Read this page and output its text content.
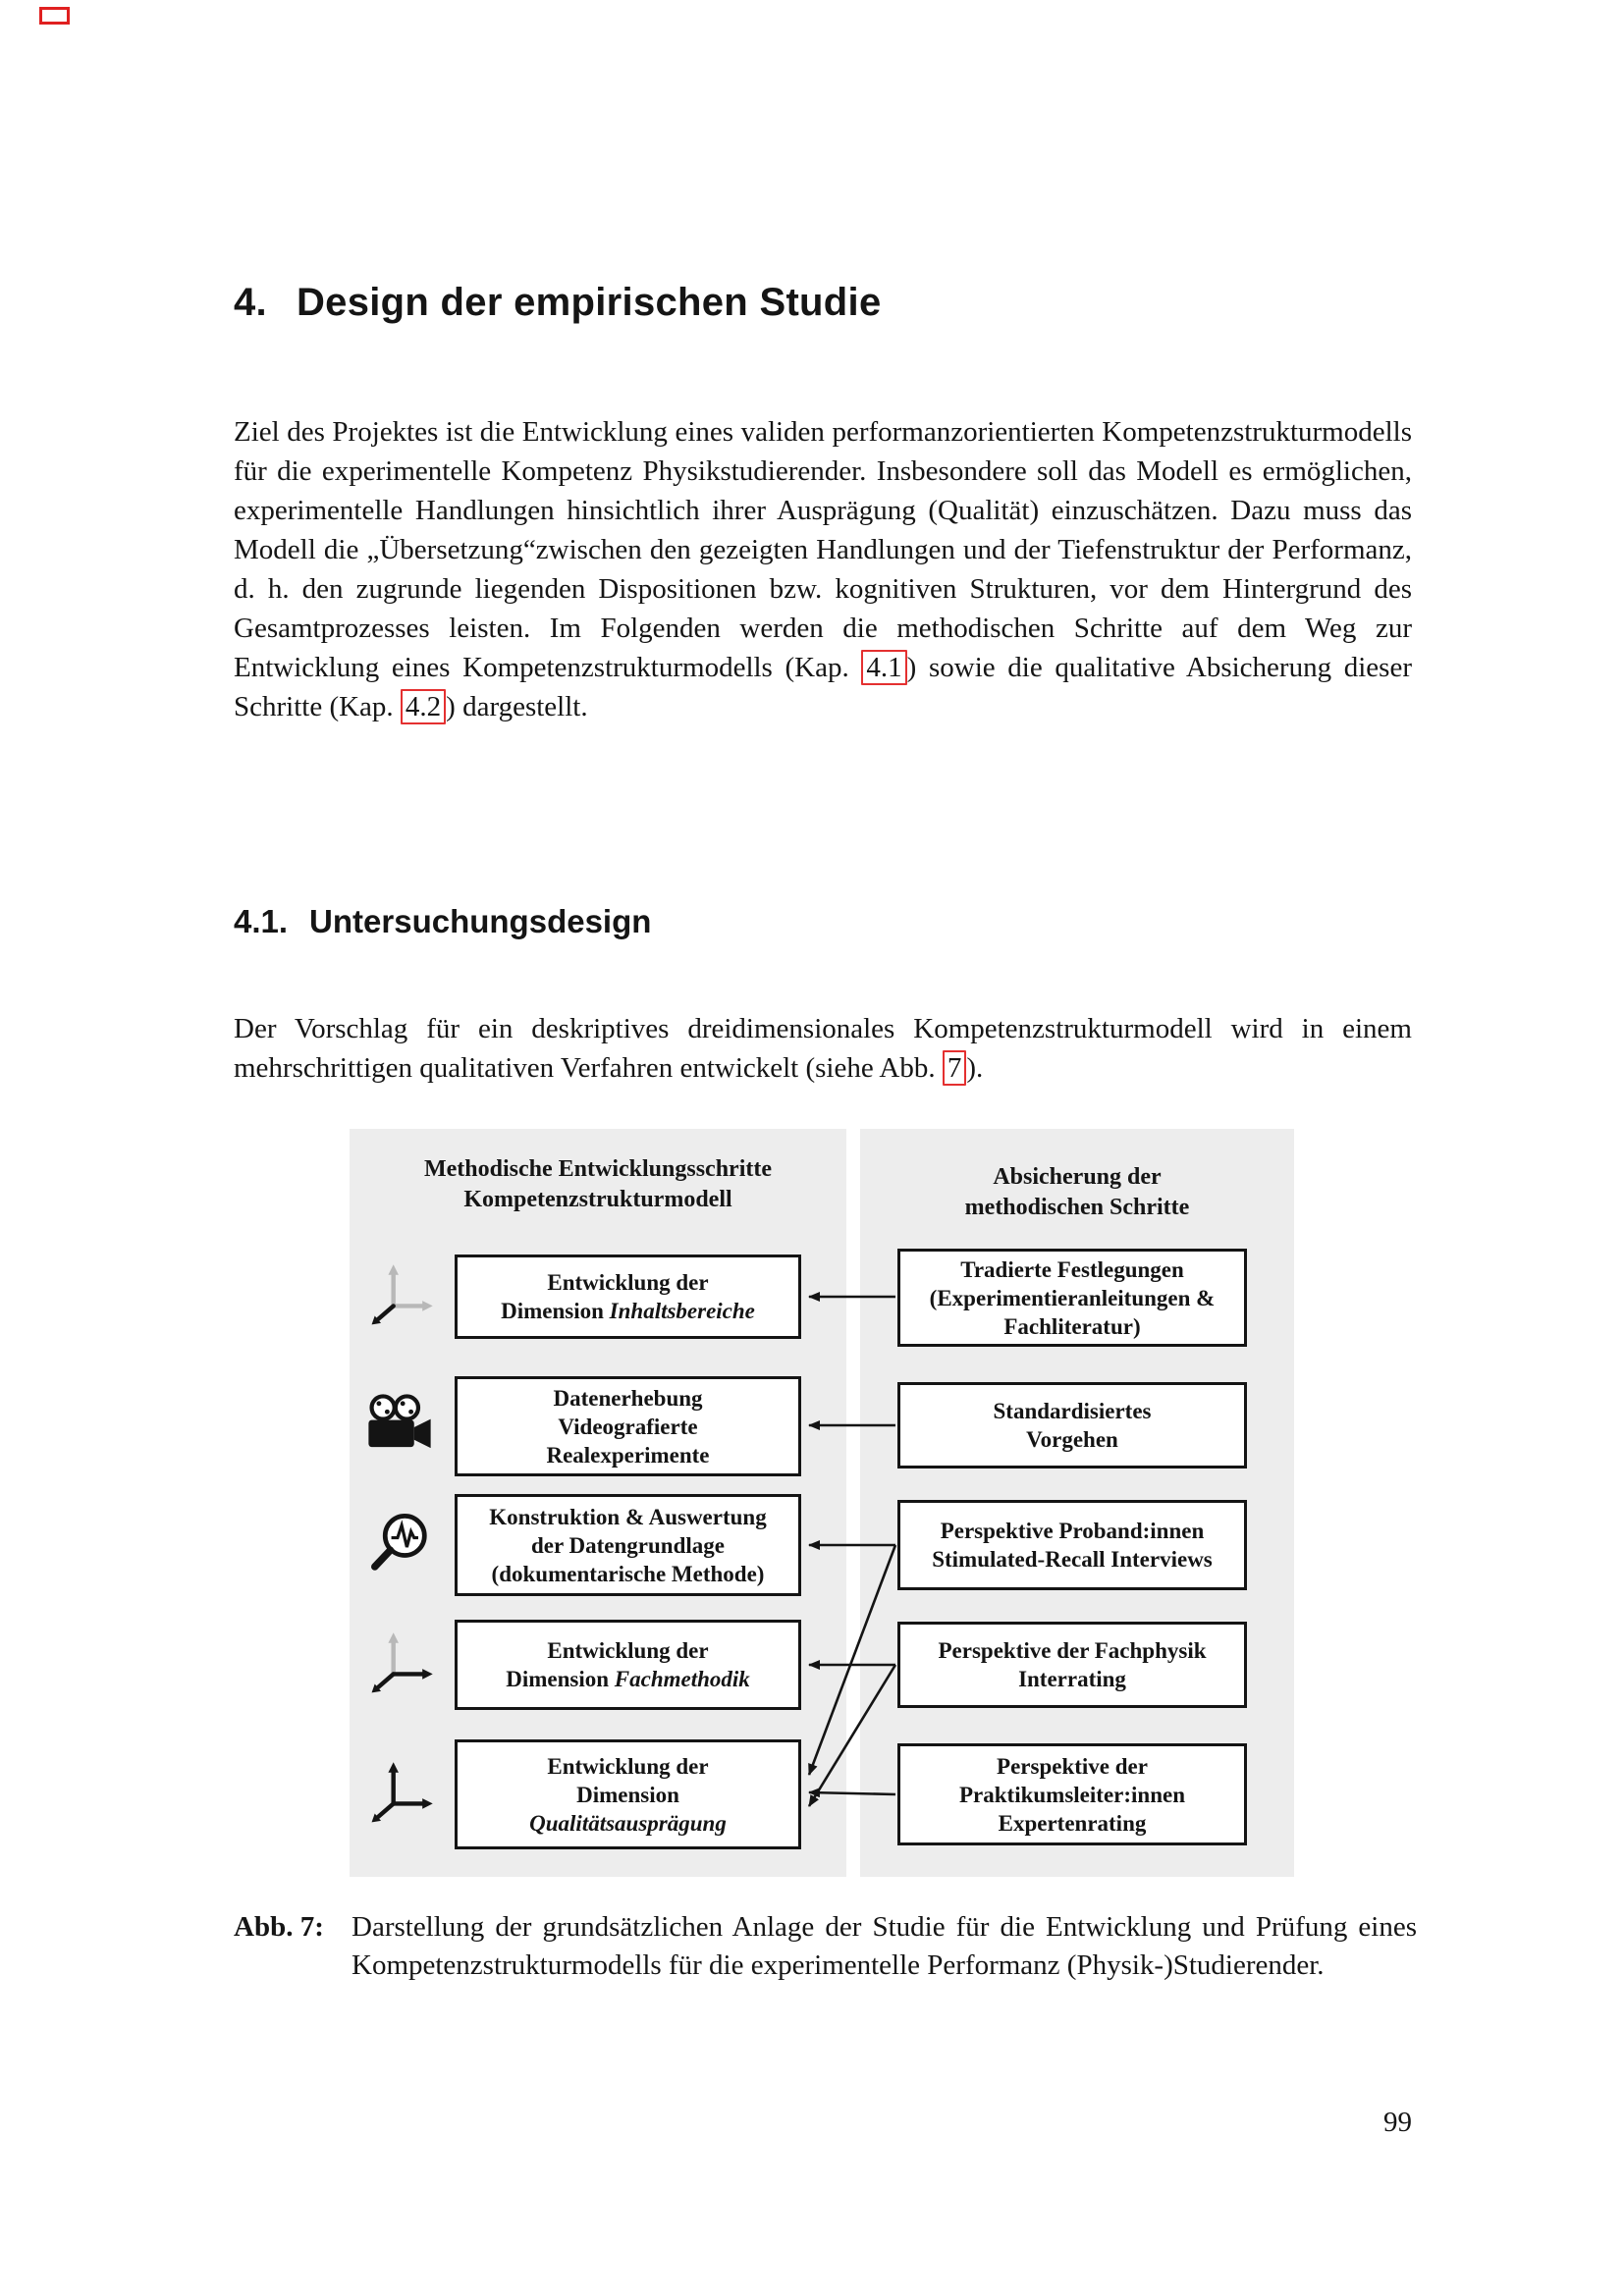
4. Design der empirischen Studie

Ziel des Projektes ist die Entwicklung eines validen performanzorientierten Kompetenzstrukturmodells für die experimentelle Kompetenz Physikstudierender. Insbesondere soll das Modell es ermöglichen, experimentelle Handlungen hinsichtlich ihrer Ausprägung (Qualität) einzuschätzen. Dazu muss das Modell die „Übersetzung“zwischen den gezeigten Handlungen und der Tiefenstruktur der Performanz, d. h. den zugrunde liegenden Dispositionen bzw. kognitiven Strukturen, vor dem Hintergrund des Gesamtprozesses leisten. Im Folgenden werden die methodischen Schritte auf dem Weg zur Entwicklung eines Kompetenzstrukturmodells (Kap. 4.1 ) sowie die qualitative Absicherung dieser Schritte (Kap. 4.2 ) dargestellt.

4.1. Untersuchungsdesign

Der Vorschlag für ein deskriptives dreidimensionales Kompetenzstrukturmodell wird in einem mehrschrittigen qualitativen Verfahren entwickelt (siehe Abb. 7 ).

Methodische Entwicklungsschritte
Kompetenzstrukturmodell
Absicherung der
methodischen Schritte
Entwicklung der
Dimension Inhaltsbereiche
Datenerhebung
Videografierte
Realexperimente
Konstruktion & Auswertung
der Datengrundlage
(dokumentarische Methode)
Entwicklung der
Dimension Fachmethodik
Entwicklung der
Dimension
Qualitätsausprägung
Tradierte Festlegungen
(Experimentieranleitungen &
Fachliteratur)
Standardisiertes
Vorgehen
Perspektive Proband:innen
Stimulated-Recall Interviews
Perspektive der Fachphysik
Interrating
Perspektive der
Praktikumsleiter:innen
Expertenrating
Abb. 7: Darstellung der grundsätzlichen Anlage der Studie für die Entwicklung und Prüfung eines Kompetenzstrukturmodells für die experimentelle Performanz (Physik-)Studierender.
99
